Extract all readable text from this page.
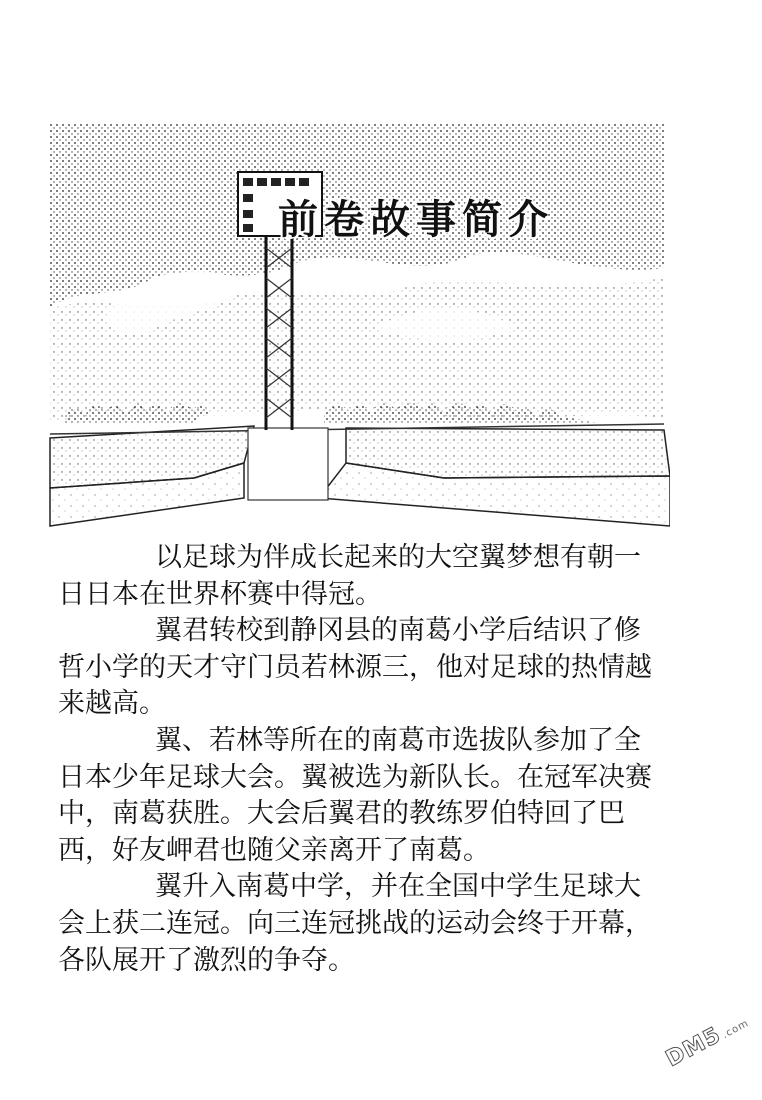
前卷故事简介

以足球为伴成长起来的大空翼梦想有朝一日日本在世界杯赛中得冠。

翼君转校到静冈县的南葛小学后结识了修哲小学的天才守门员若林源三，他对足球的热情越来越高。

翼、若林等所在的南葛市选拔队参加了全日本少年足球大会。翼被选为新队长。在冠军决赛中，南葛获胜。大会后翼君的教练罗伯特回了巴西，好友岬君也随父亲离开了南葛。

翼升入南葛中学，并在全国中学生足球大会上获二连冠。向三连冠挑战的运动会终于开幕，各队展开了激烈的争夺。

DM5.com
